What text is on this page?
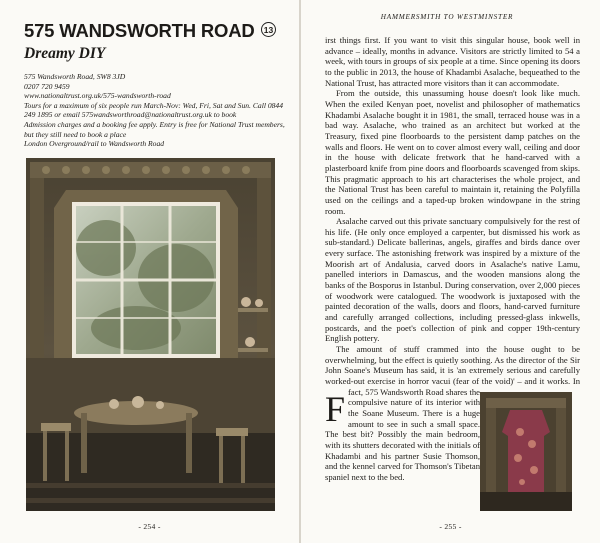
575 WANDSWORTH ROAD	13
Dreamy DIY
575 Wandsworth Road, SW8 3JD
0207 720 9459
www.nationaltrust.org.uk/575-wandsworth-road
Tours for a maximum of six people run March-Nov: Wed, Fri, Sat and Sun. Call 0844 249 1895 or email 575wandsworthroad@nationaltrust.org.uk to book
Admission charges and a booking fee apply. Entry is free for National Trust members, but they still need to book a place
London Overground/rail to Wandsworth Road
- 254 -
HAMMERSMITH TO WESTMINSTER

F
irst things first. If you want to visit this singular house, book well in advance – ideally, months in advance. Visitors are strictly limited to 54 a week, with tours in groups of six people at a time. Since opening its doors to the public in 2013, the house of Khadambi Asalache, bequeathed to the National Trust, has attracted more visitors than it can accommodate.

From the outside, this unassuming house doesn't look like much. When the exiled Kenyan poet, novelist and philosopher of mathematics Khadambi Asalache bought it in 1981, the small, terraced house was in a bad way. Asalache, who trained as an architect but worked at the Treasury, fixed pine floorboards to the persistent damp patches on the walls and floors. He went on to cover almost every wall, ceiling and door in the house with delicate fretwork that he hand-carved with a plasterboard knife from pine doors and floorboards scavenged from skips. This pragmatic approach to his art characterises the whole project, and the National Trust has been careful to maintain it, retaining the Polyfilla used on the ceilings and a taped-up broken windowpane in the string room.

Asalache carved out this private sanctuary compulsively for the rest of his life. (He only once employed a carpenter, but dismissed his work as sub-standard.) Delicate ballerinas, angels, giraffes and birds dance over every surface. The astonishing fretwork was inspired by a mixture of the Moorish art of Andalusia, carved doors in Asalache's native Lamu, panelled interiors in Damascus, and the wooden mansions along the banks of the Bosporus in Istanbul. During conservation, over 2,000 pieces of woodwork were catalogued. The woodwork is juxtaposed with the painted decoration of the walls, doors and floors, hand-carved furniture and carefully arranged collections, including pressed-glass inkwells, postcards, and the poet's collection of pink and copper 19th-century English pottery.

The amount of stuff crammed into the house ought to be overwhelming, but the effect is quietly soothing. As the director of the Sir John Soane's Museum has said, it is 'an extremely serious and carefully worked-out exercise in horror vacui (fear of the void)' – and it works. In fact, 575 Wandsworth Road shares the compulsive nature of its interior with the Soane Museum. There is a huge amount to see in such a small space. The best bit? Possibly the main bedroom, with its shutters decorated with the initials of Khadambi and his partner Susie Thomson, and the kennel carved for Thomson's Tibetan spaniel next to the bed.

- 255 -
